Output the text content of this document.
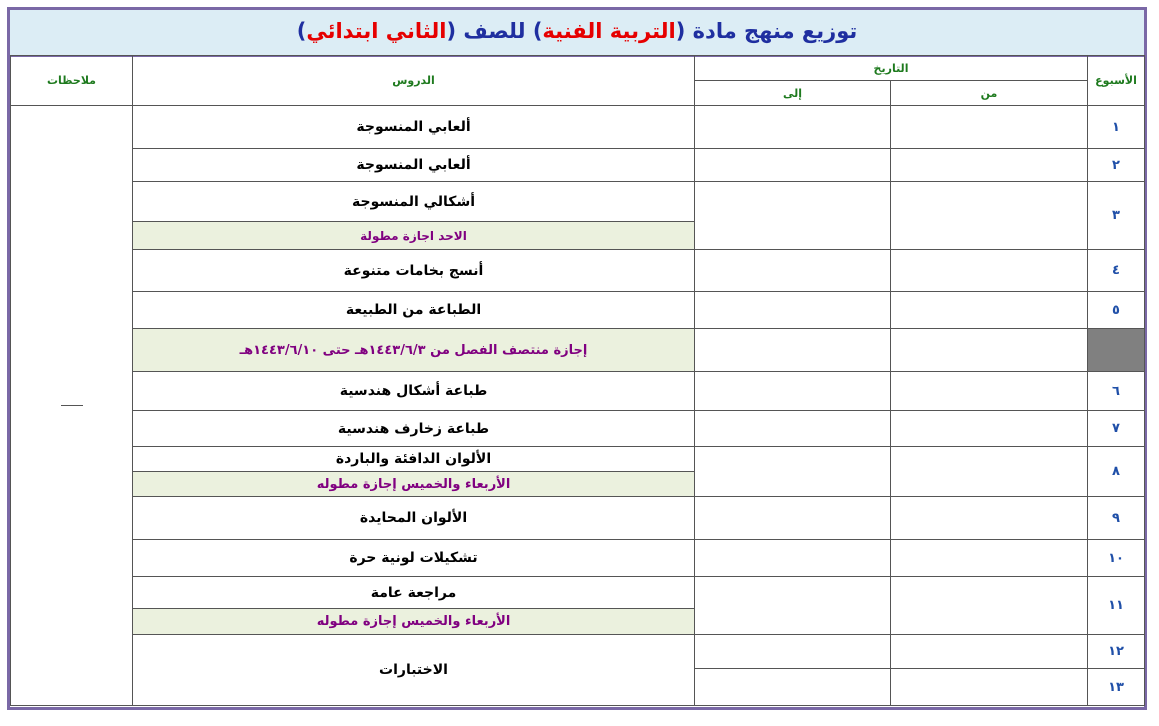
توزيع منهج مادة (التربية الفنية) للصف (الثاني ابتدائي)
الأسبوع	التاريخ		الدروس	ملاحظات
	من	إلى		
١			ألعابي المنسوجة	
٢			ألعابي المنسوجة	
٣			أشكالي المنسوجة	
			الاحد اجازة مطولة	
٤			أنسج بخامات متنوعة	
٥			الطباعة من الطبيعة	
			إجازة منتصف الفصل من ١٤٤٣/٦/٣هـ حتى ١٤٤٣/٦/١٠هـ	
٦			طباعة أشكال هندسية	
٧			طباعة زخارف هندسية	
٨			الألوان الدافئة والباردة	
			الأربعاء والخميس إجازة مطوله	
٩			الألوان المحايدة	
١٠			تشكيلات لونية حرة	
١١			مراجعة عامة	
			الأربعاء والخميس إجازة مطوله	
١٢			الاختبارات	
١٣				
